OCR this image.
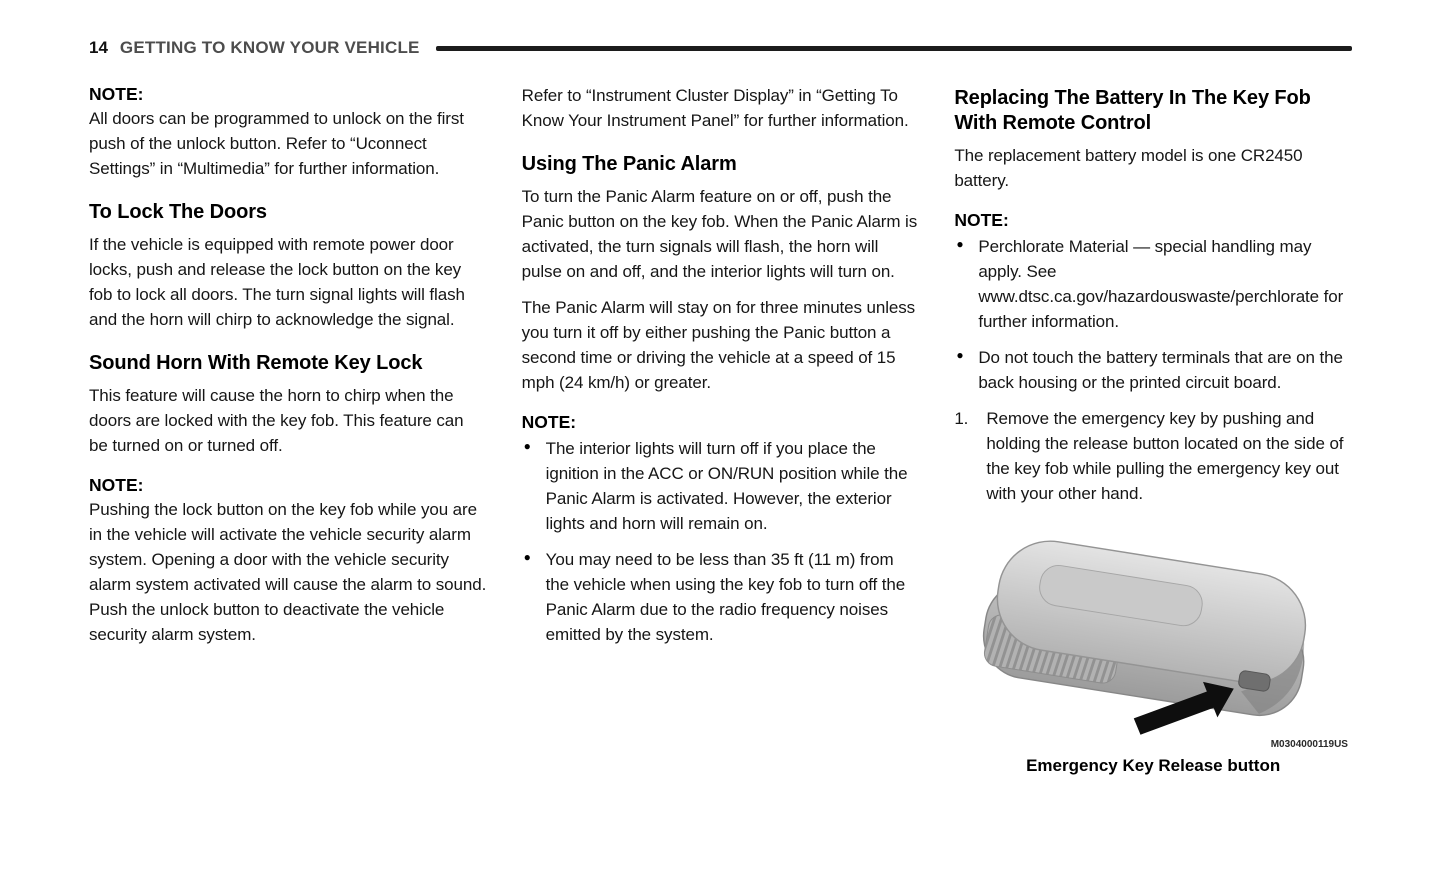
14 GETTING TO KNOW YOUR VEHICLE

NOTE:

All doors can be programmed to unlock on the first push of the unlock button. Refer to “Uconnect Settings” in “Multimedia” for further information.

To Lock The Doors

If the vehicle is equipped with remote power door locks, push and release the lock button on the key fob to lock all doors. The turn signal lights will flash and the horn will chirp to acknowledge the signal.

Sound Horn With Remote Key Lock

This feature will cause the horn to chirp when the doors are locked with the key fob. This feature can be turned on or turned off.

NOTE:

Pushing the lock button on the key fob while you are in the vehicle will activate the vehicle security alarm system. Opening a door with the vehicle security alarm system activated will cause the alarm to sound. Push the unlock button to deactivate the vehicle security alarm system.

Refer to “Instrument Cluster Display” in “Getting To Know Your Instrument Panel” for further information.

Using The Panic Alarm

To turn the Panic Alarm feature on or off, push the Panic button on the key fob. When the Panic Alarm is activated, the turn signals will flash, the horn will pulse on and off, and the interior lights will turn on.

The Panic Alarm will stay on for three minutes unless you turn it off by either pushing the Panic button a second time or driving the vehicle at a speed of 15 mph (24 km/h) or greater.

NOTE:

● The interior lights will turn off if you place the ignition in the ACC or ON/RUN position while the Panic Alarm is activated. However, the exterior lights and horn will remain on.
● You may need to be less than 35 ft (11 m) from the vehicle when using the key fob to turn off the Panic Alarm due to the radio frequency noises emitted by the system.
Replacing The Battery In The Key Fob With Remote Control

The replacement battery model is one CR2450 battery.

NOTE:

● Perchlorate Material — special handling may apply. See www.dtsc.ca.gov/hazardouswaste/perchlorate for further information.
● Do not touch the battery terminals that are on the back housing or the printed circuit board.
1.	Remove the emergency key by pushing and holding the release button located on the side of the key fob while pulling the emergency key out with your other hand.
M0304000119US
Emergency Key Release button
